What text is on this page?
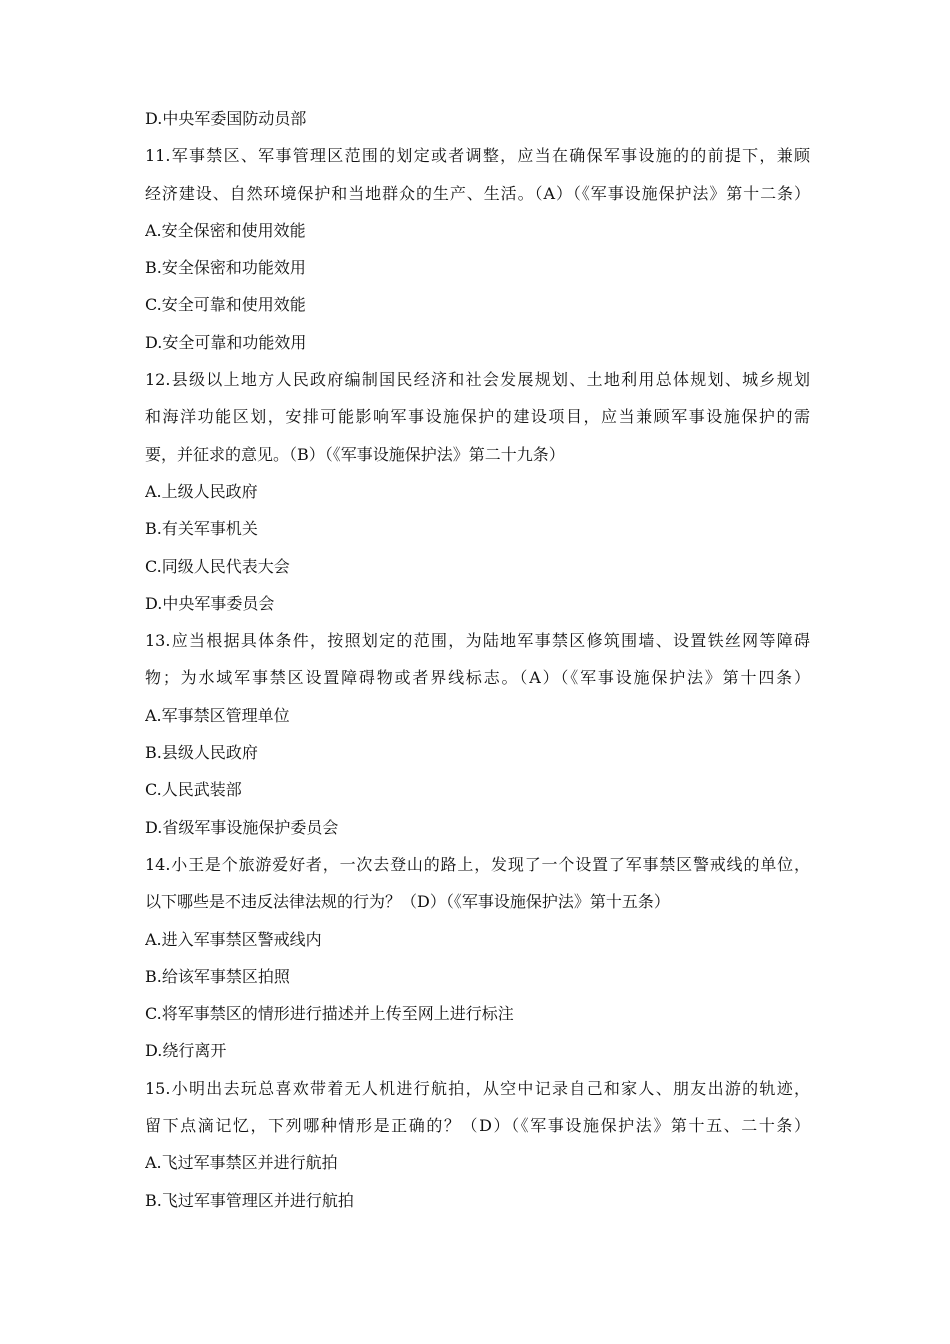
D.中央军委国防动员部
11.军事禁区、军事管理区范围的划定或者调整，应当在确保军事设施的的前提下，兼顾
经济建设、自然环境保护和当地群众的生产、生活。（A）（《军事设施保护法》第十二条）
A.安全保密和使用效能
B.安全保密和功能效用
C.安全可靠和使用效能
D.安全可靠和功能效用
12.县级以上地方人民政府编制国民经济和社会发展规划、土地利用总体规划、城乡规划
和海洋功能区划，安排可能影响军事设施保护的建设项目，应当兼顾军事设施保护的需
要，并征求的意见。（B）（《军事设施保护法》第二十九条）
A.上级人民政府
B.有关军事机关
C.同级人民代表大会
D.中央军事委员会
13.应当根据具体条件，按照划定的范围，为陆地军事禁区修筑围墙、设置铁丝网等障碍
物；为水域军事禁区设置障碍物或者界线标志。（A）（《军事设施保护法》第十四条）
A.军事禁区管理单位
B.县级人民政府
C.人民武装部
D.省级军事设施保护委员会
14.小王是个旅游爱好者，一次去登山的路上，发现了一个设置了军事禁区警戒线的单位，
以下哪些是不违反法律法规的行为？（D）（《军事设施保护法》第十五条）
A.进入军事禁区警戒线内
B.给该军事禁区拍照
C.将军事禁区的情形进行描述并上传至网上进行标注
D.绕行离开
15.小明出去玩总喜欢带着无人机进行航拍，从空中记录自己和家人、朋友出游的轨迹，
留下点滴记忆，下列哪种情形是正确的？（D）（《军事设施保护法》第十五、二十条）
A.飞过军事禁区并进行航拍
B.飞过军事管理区并进行航拍
